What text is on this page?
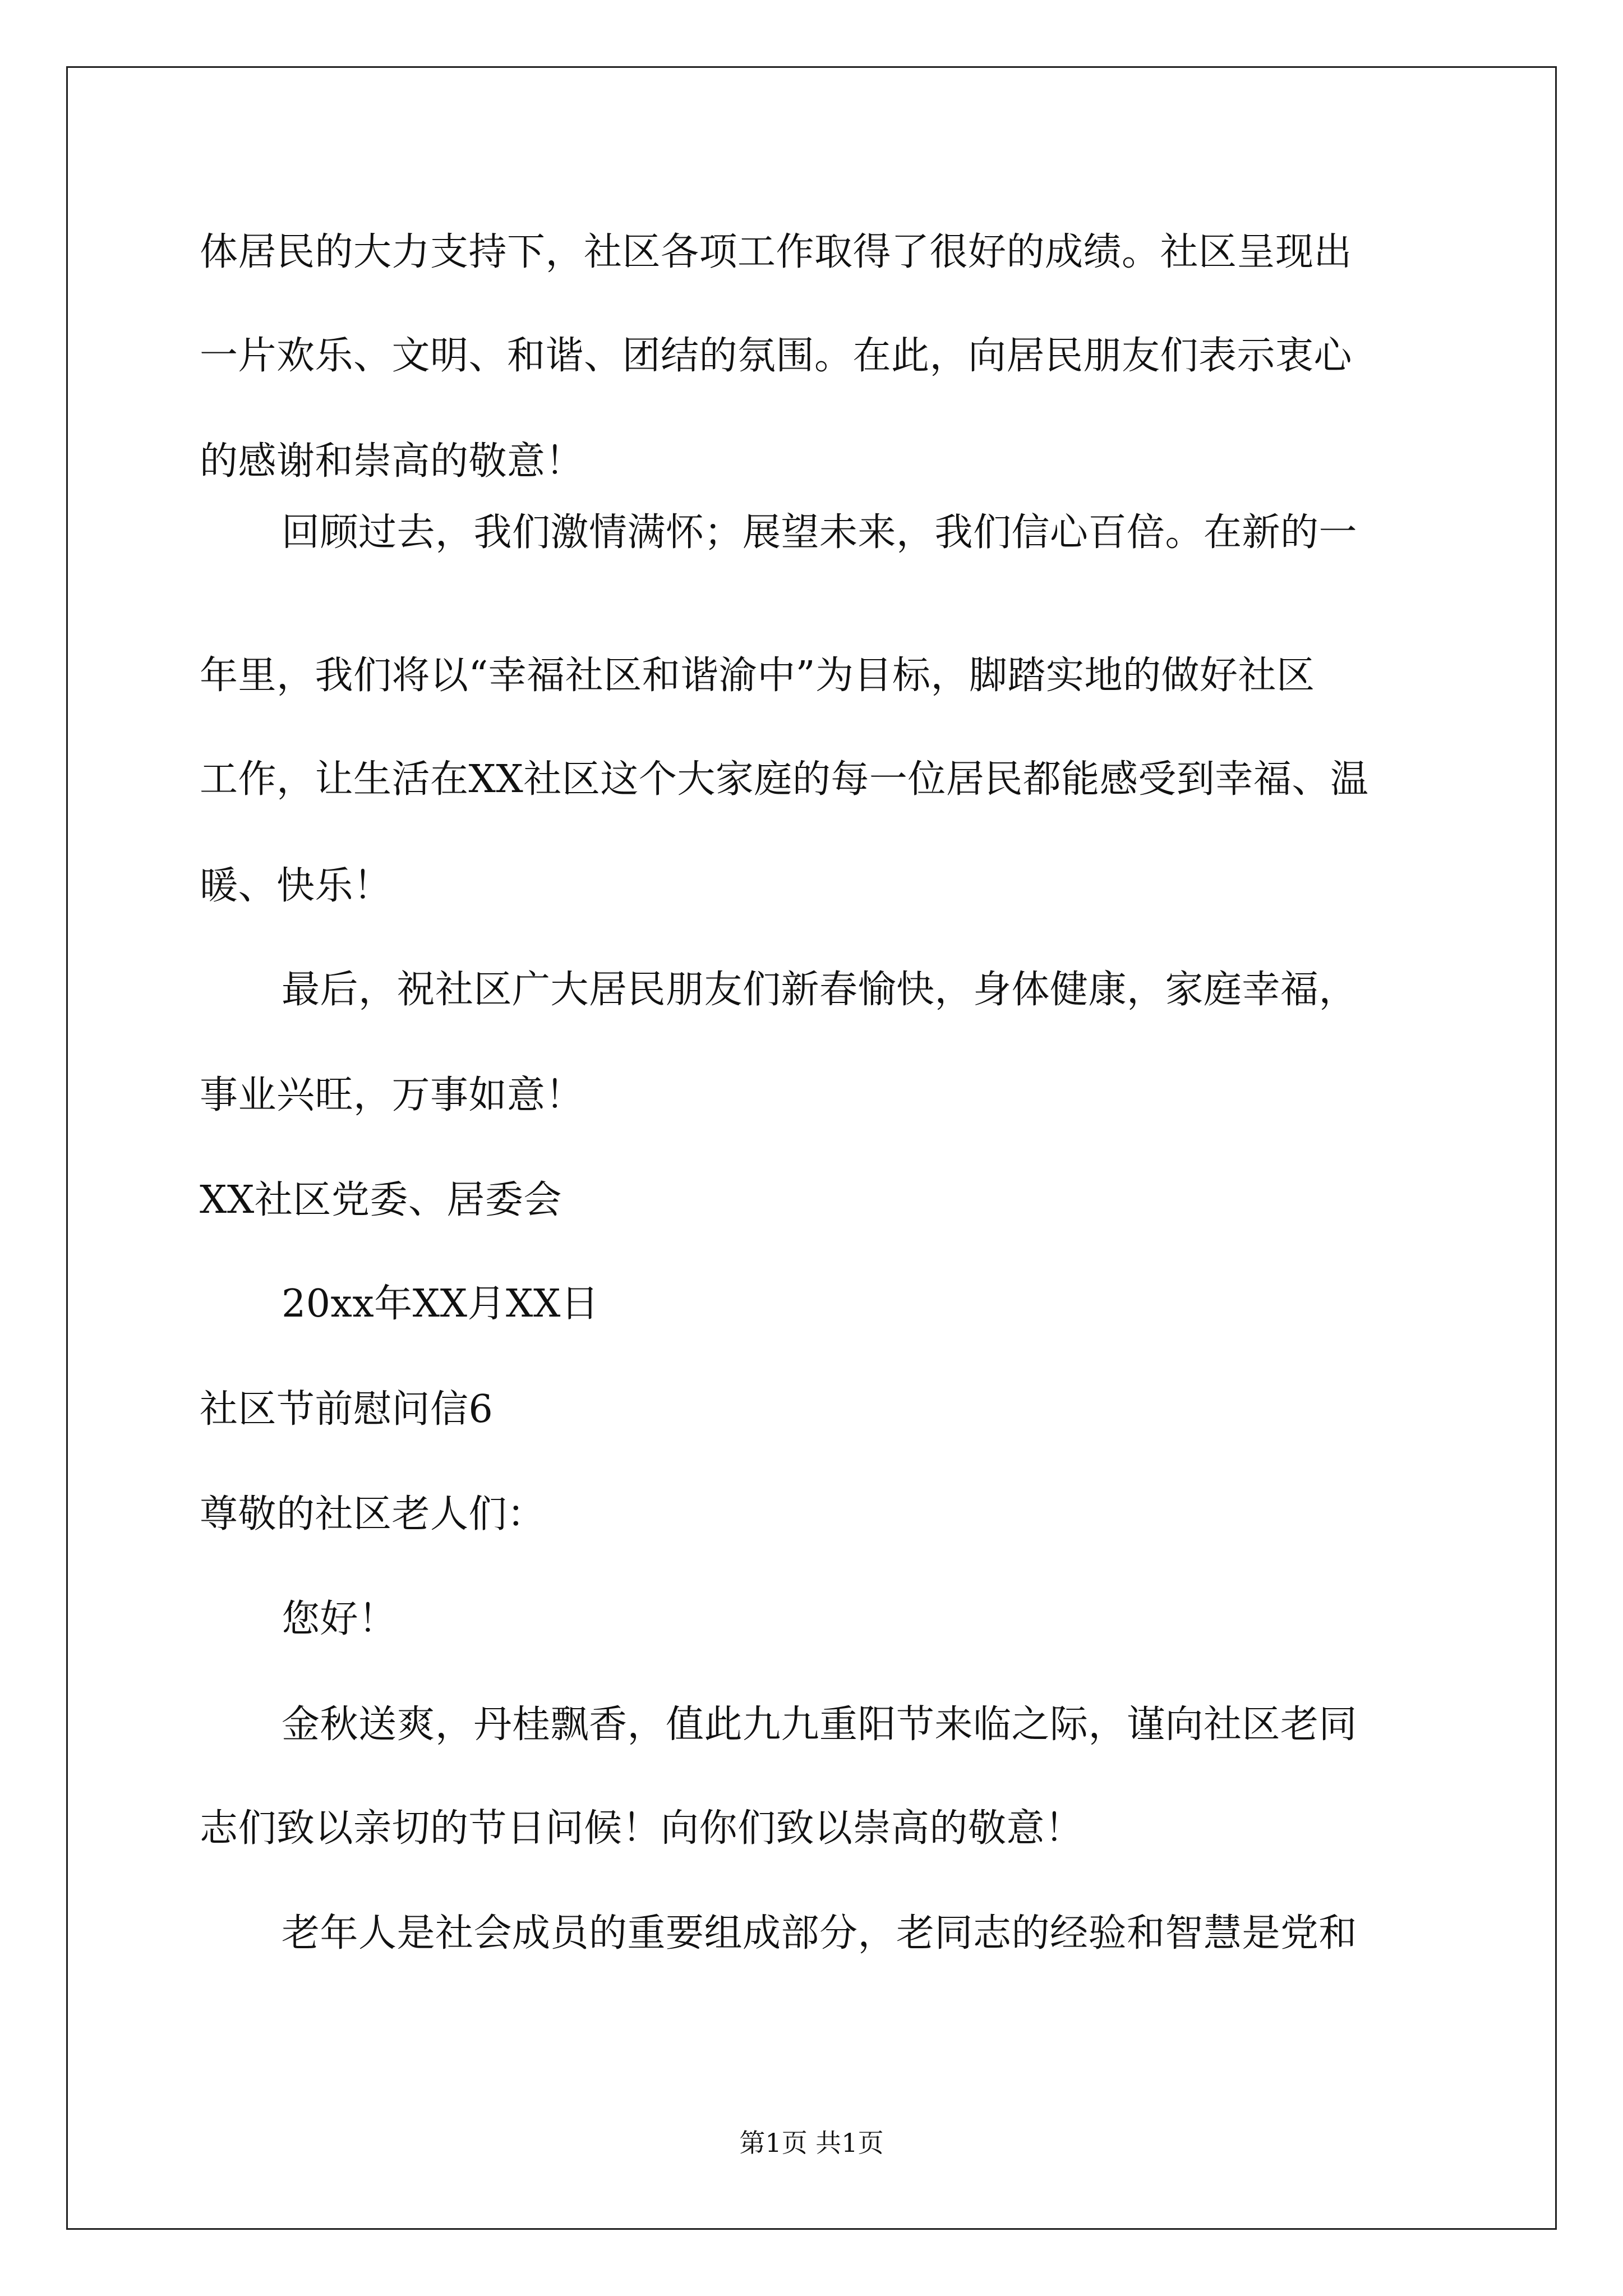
体居民的大力支持下，社区各项工作取得了很好的成绩。社区呈现出
一片欢乐、文明、和谐、团结的氛围。在此，向居民朋友们表示衷心
的感谢和崇高的敬意！
回顾过去，我们激情满怀；展望未来，我们信心百倍。在新的一
年里，我们将以“幸福社区和谐渝中”为目标，脚踏实地的做好社区
工作，让生活在XX社区这个大家庭的每一位居民都能感受到幸福、温
暖、快乐！
最后，祝社区广大居民朋友们新春愉快，身体健康，家庭幸福，
事业兴旺，万事如意！
XX社区党委、居委会
20xx年XX月XX日
社区节前慰问信6
尊敬的社区老人们：
您好！
金秋送爽，丹桂飘香，值此九九重阳节来临之际，谨向社区老同
志们致以亲切的节日问候！向你们致以崇高的敬意！
老年人是社会成员的重要组成部分，老同志的经验和智慧是党和
第1页 共1页
